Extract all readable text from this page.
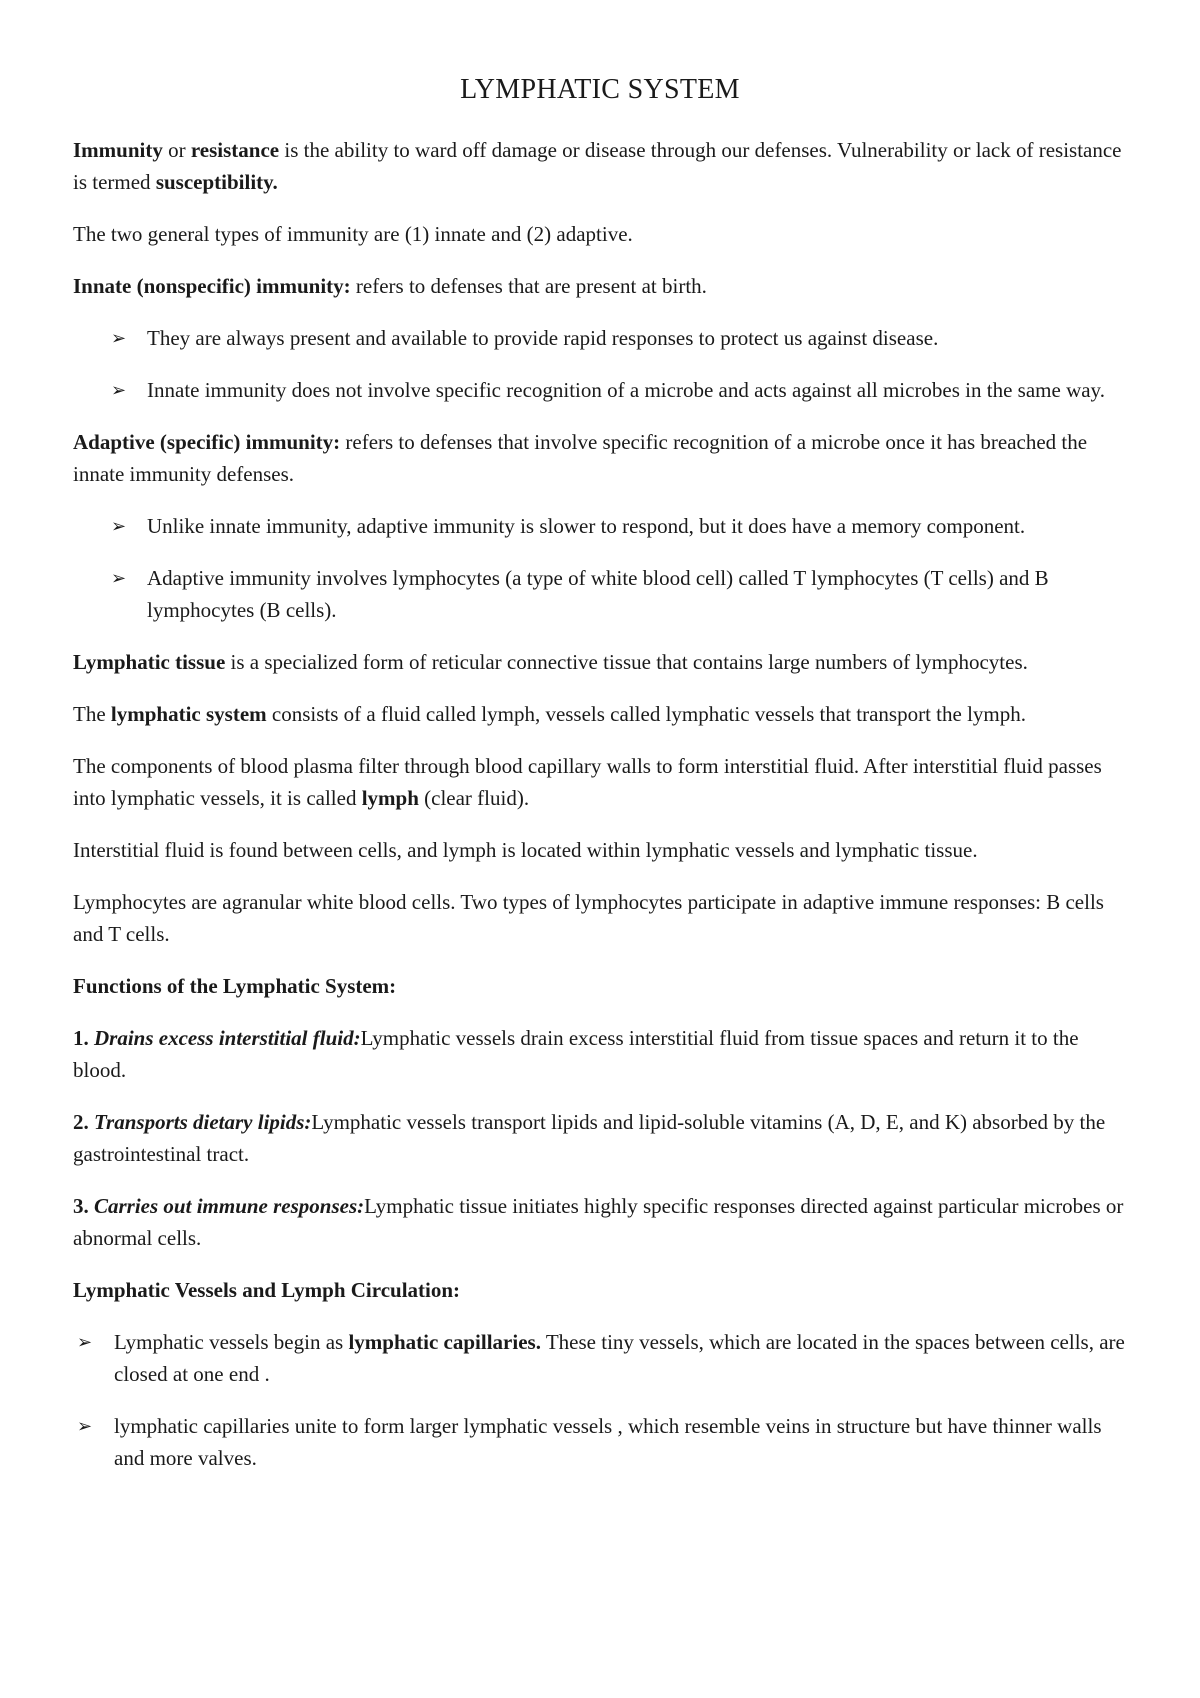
LYMPHATIC SYSTEM

Immunity or resistance is the ability to ward off damage or disease through our defenses. Vulnerability or lack of resistance is termed susceptibility.

The two general types of immunity are (1) innate and (2) adaptive.

Innate (nonspecific) immunity: refers to defenses that are present at birth.

➢ They are always present and available to provide rapid responses to protect us against disease.
➢ Innate immunity does not involve specific recognition of a microbe and acts against all microbes in the same way.

Adaptive (specific) immunity: refers to defenses that involve specific recognition of a microbe once it has breached the innate immunity defenses.

➢ Unlike innate immunity, adaptive immunity is slower to respond, but it does have a memory component.
➢ Adaptive immunity involves lymphocytes (a type of white blood cell) called T lymphocytes (T cells) and B lymphocytes (B cells).

Lymphatic tissue is a specialized form of reticular connective tissue that contains large numbers of lymphocytes.

The lymphatic system consists of a fluid called lymph, vessels called lymphatic vessels that transport the lymph.

The components of blood plasma filter through blood capillary walls to form interstitial fluid. After interstitial fluid passes into lymphatic vessels, it is called lymph (clear fluid).

Interstitial fluid is found between cells, and lymph is located within lymphatic vessels and lymphatic tissue.

Lymphocytes are agranular white blood cells. Two types of lymphocytes participate in adaptive immune responses: B cells and T cells.

Functions of the Lymphatic System:

1. Drains excess interstitial fluid:Lymphatic vessels drain excess interstitial fluid from tissue spaces and return it to the blood.

2. Transports dietary lipids:Lymphatic vessels transport lipids and lipid-soluble vitamins (A, D, E, and K) absorbed by the gastrointestinal tract.

3. Carries out immune responses:Lymphatic tissue initiates highly specific responses directed against particular microbes or abnormal cells.

Lymphatic Vessels and Lymph Circulation:

➢ Lymphatic vessels begin as lymphatic capillaries. These tiny vessels, which are located in the spaces between cells, are closed at one end .
➢ lymphatic capillaries unite to form larger lymphatic vessels , which resemble veins in structure but have thinner walls and more valves.
